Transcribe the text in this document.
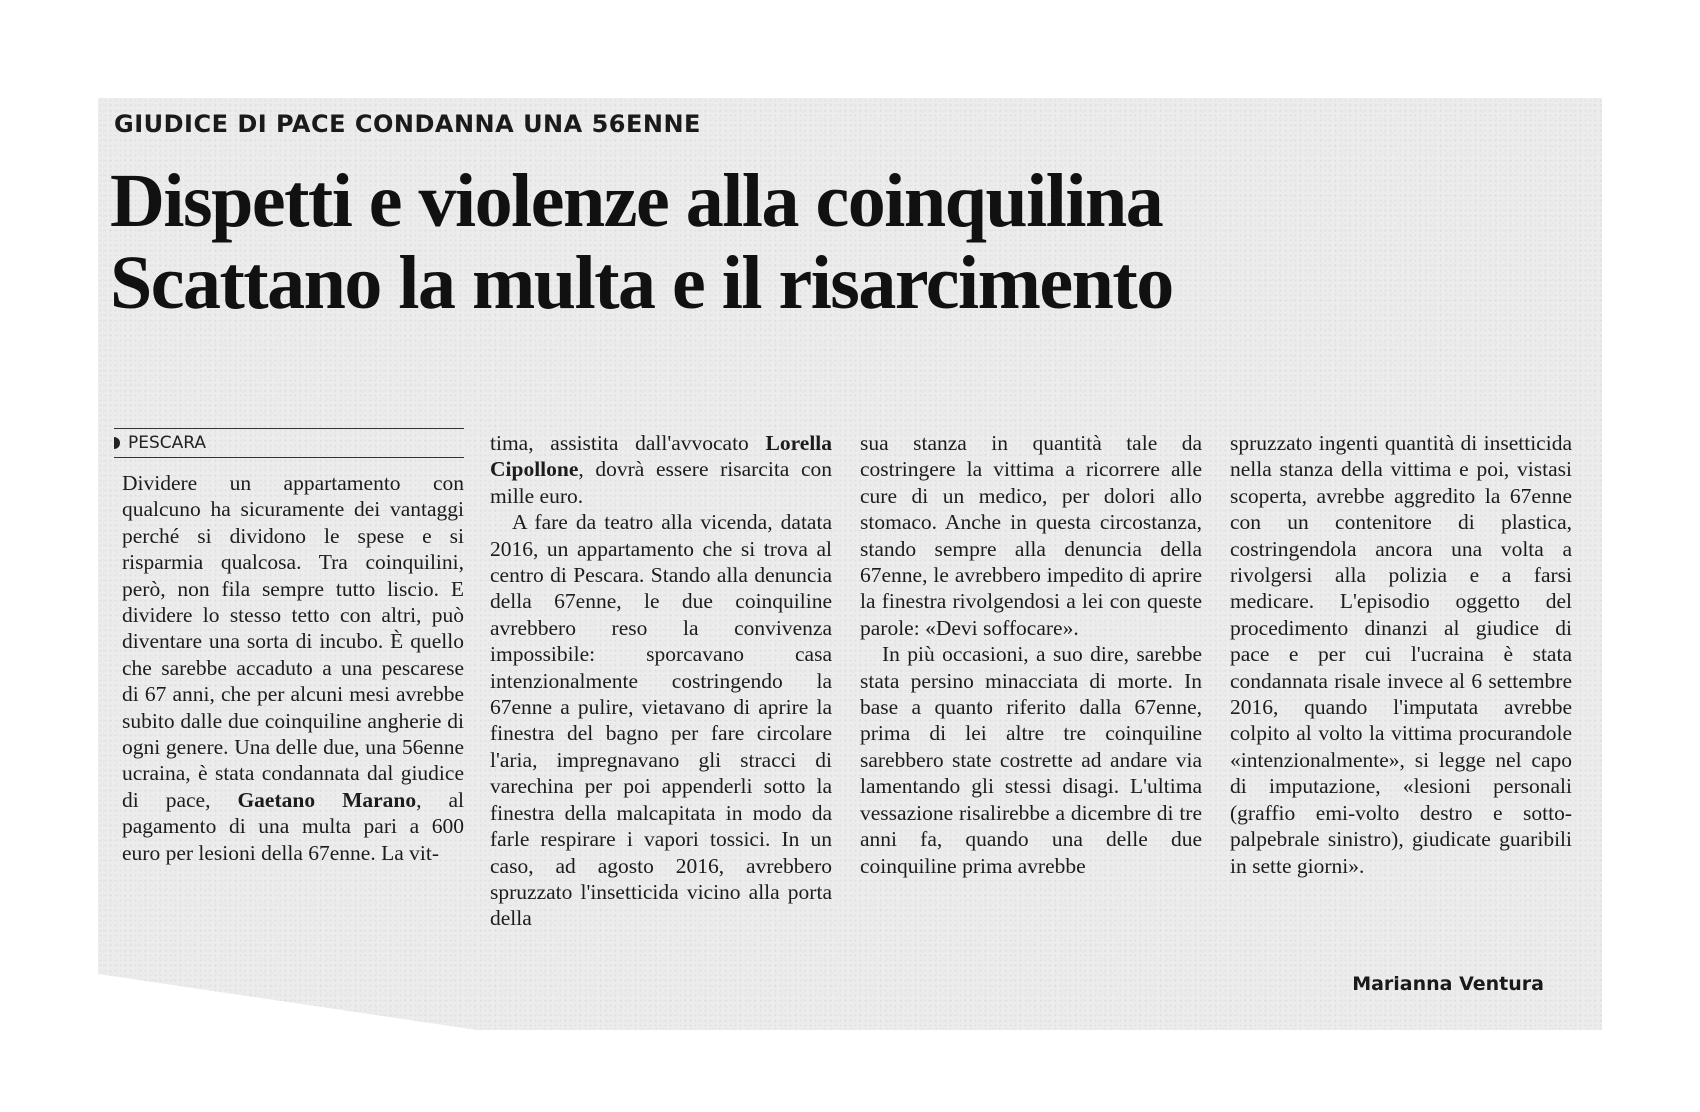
GIUDICE DI PACE CONDANNA UNA 56ENNE
Dispetti e violenze alla coinquilina
Scattano la multa e il risarcimento
PESCARA

Dividere un appartamento con qualcuno ha sicuramente dei vantaggi perché si dividono le spese e si risparmia qualcosa. Tra coinquilini, però, non fila sempre tutto liscio. E dividere lo stesso tetto con altri, può diventare una sorta di incubo. È quello che sarebbe accaduto a una pescarese di 67 anni, che per alcuni mesi avrebbe subito dalle due coinquiline angherie di ogni genere. Una delle due, una 56enne ucraina, è stata condannata dal giudice di pace, Gaetano Marano, al pagamento di una multa pari a 600 euro per lesioni della 67enne. La vit-

tima, assistita dall'avvocato Lorella Cipollone, dovrà essere risarcita con mille euro.

A fare da teatro alla vicenda, datata 2016, un appartamento che si trova al centro di Pescara. Stando alla denuncia della 67enne, le due coinquiline avrebbero reso la convivenza impossibile: sporcavano casa intenzionalmente costringendo la 67enne a pulire, vietavano di aprire la finestra del bagno per fare circolare l'aria, impregnavano gli stracci di varechina per poi appenderli sotto la finestra della malcapitata in modo da farle respirare i vapori tossici. In un caso, ad agosto 2016, avrebbero spruzzato l'insetticida vicino alla porta della

sua stanza in quantità tale da costringere la vittima a ricorrere alle cure di un medico, per dolori allo stomaco. Anche in questa circostanza, stando sempre alla denuncia della 67enne, le avrebbero impedito di aprire la finestra rivolgendosi a lei con queste parole: «Devi soffocare».

In più occasioni, a suo dire, sarebbe stata persino minacciata di morte. In base a quanto riferito dalla 67enne, prima di lei altre tre coinquiline sarebbero state costrette ad andare via lamentando gli stessi disagi. L'ultima vessazione risalirebbe a dicembre di tre anni fa, quando una delle due coinquiline prima avrebbe

spruzzato ingenti quantità di insetticida nella stanza della vittima e poi, vistasi scoperta, avrebbe aggredito la 67enne con un contenitore di plastica, costringendola ancora una volta a rivolgersi alla polizia e a farsi medicare. L'episodio oggetto del procedimento dinanzi al giudice di pace e per cui l'ucraina è stata condannata risale invece al 6 settembre 2016, quando l'imputata avrebbe colpito al volto la vittima procurandole «intenzionalmente», si legge nel capo di imputazione, «lesioni personali (graffio emi-volto destro e sotto-palpebrale sinistro), giudicate guaribili in sette giorni».

Marianna Ventura
